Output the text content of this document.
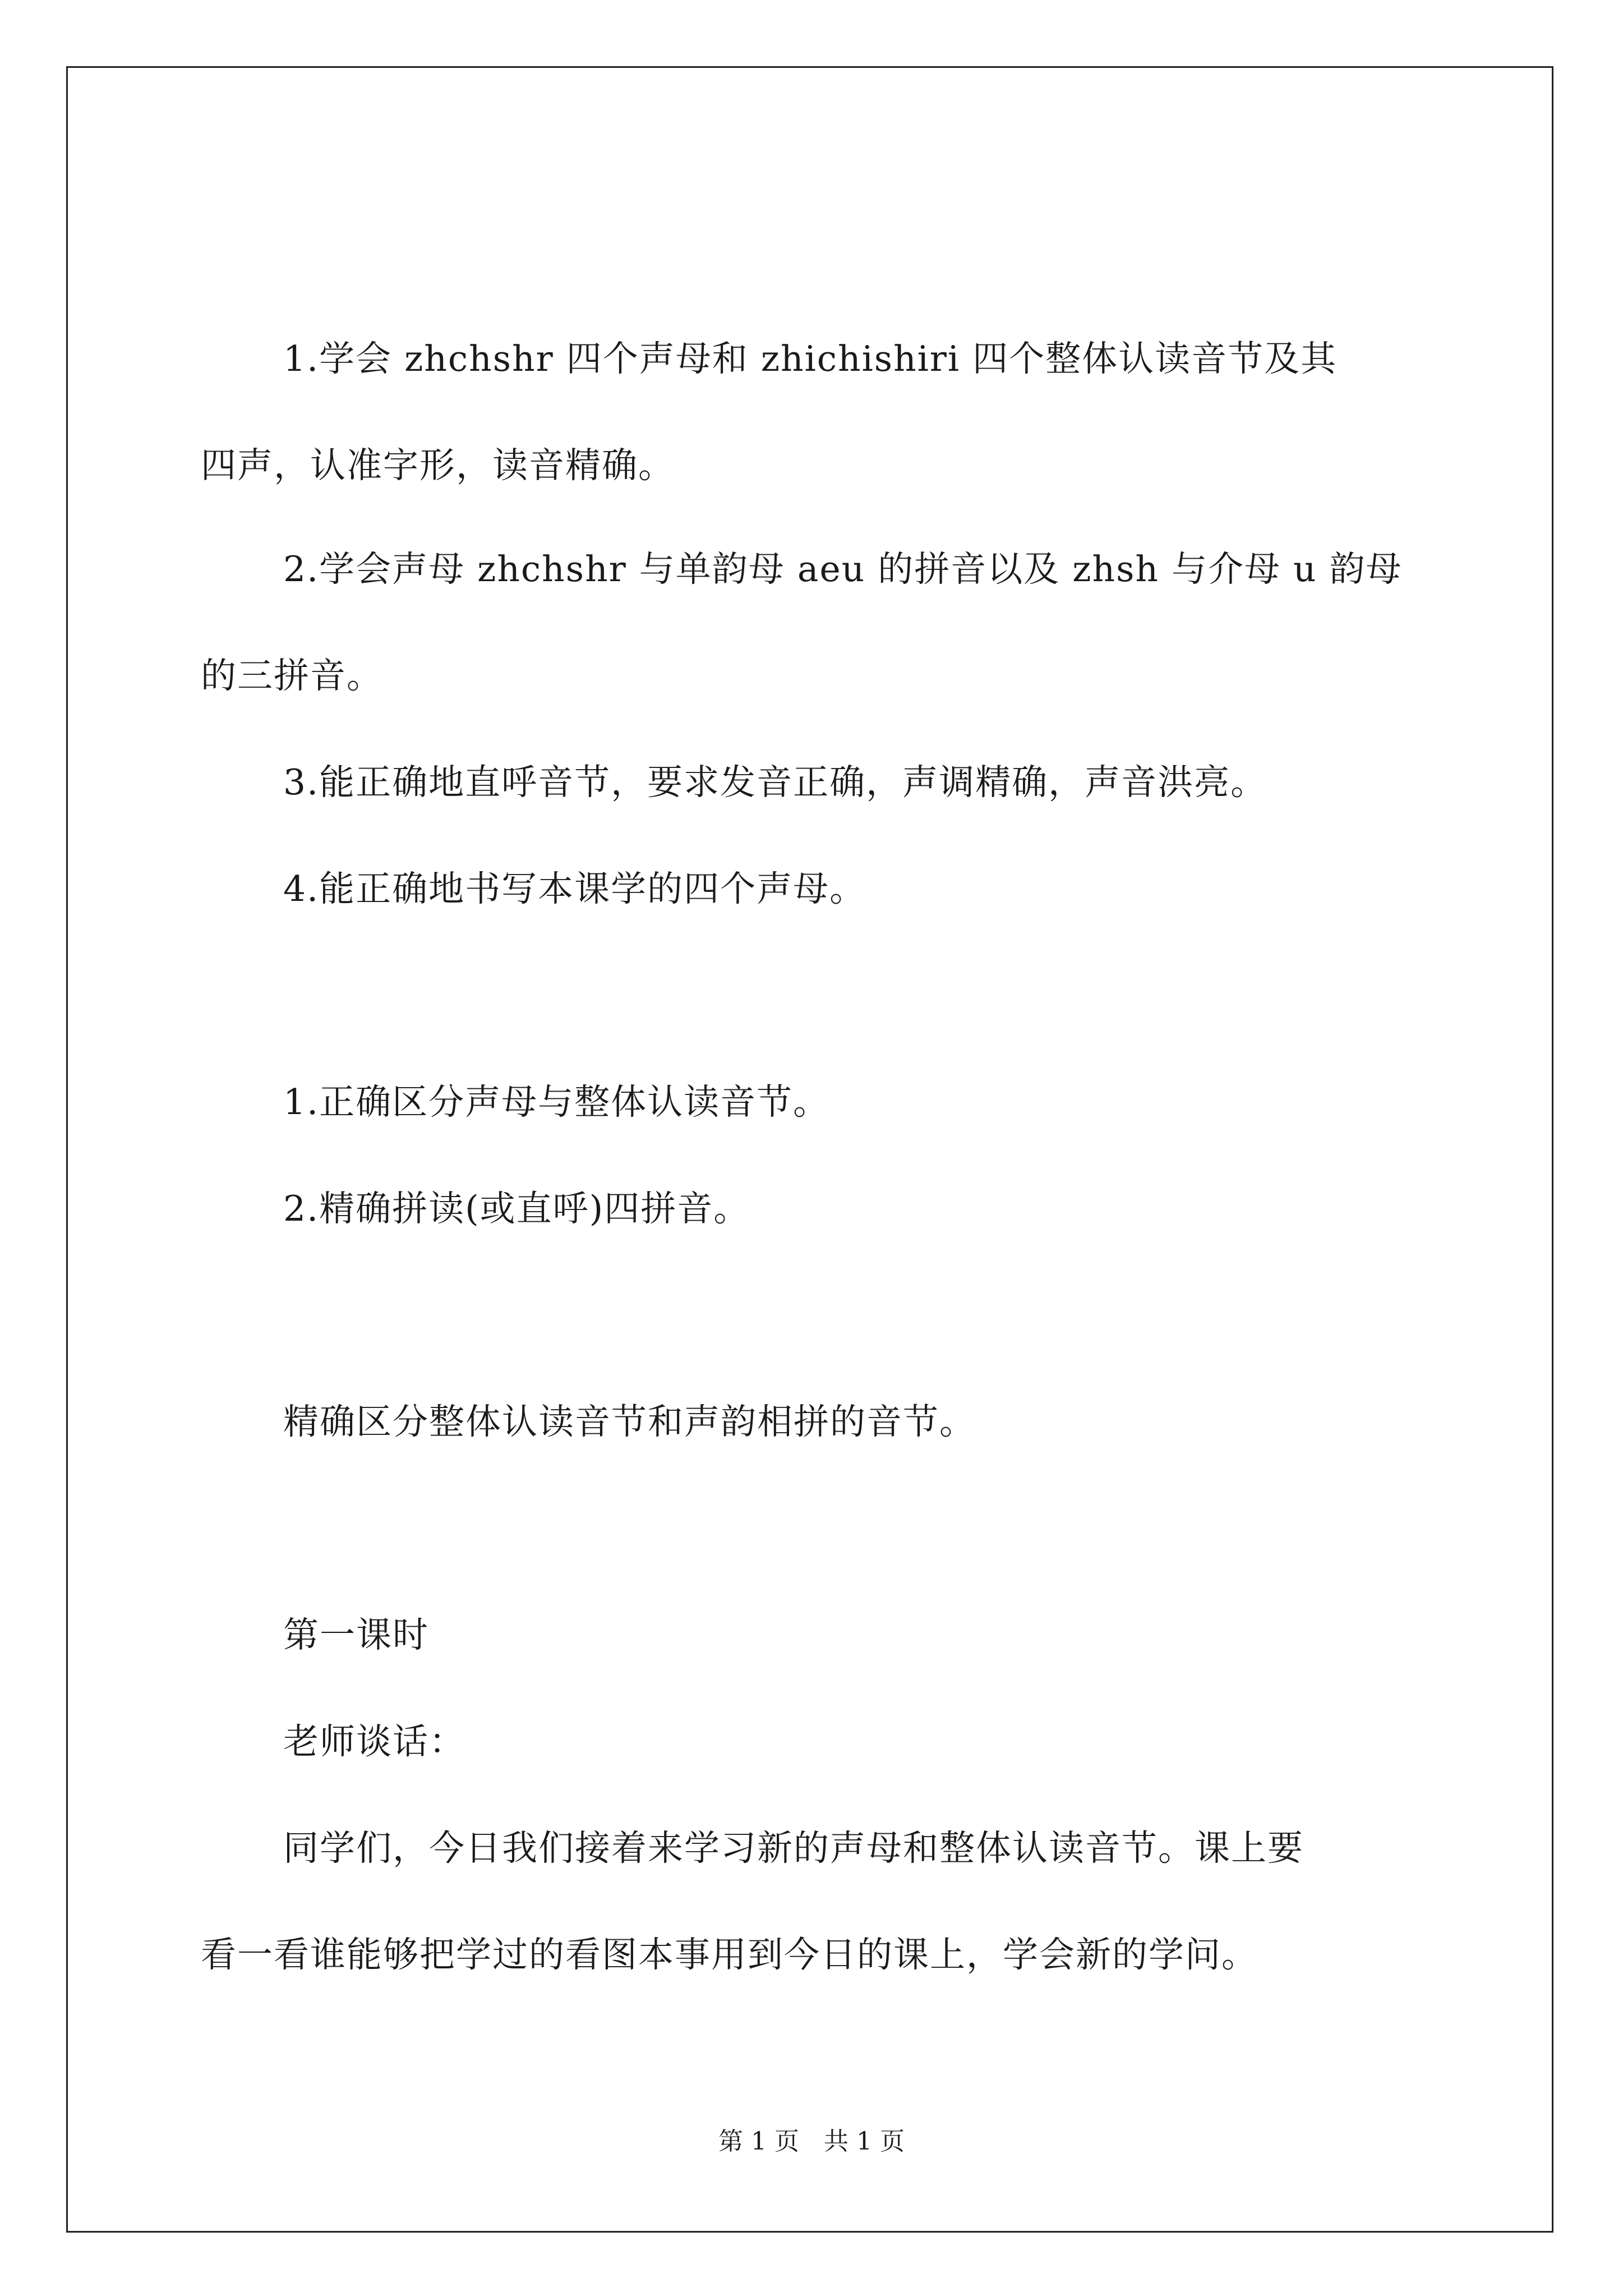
1.学会 zhchshr 四个声母和 zhichishiri 四个整体认读音节及其
四声，认准字形，读音精确。
2.学会声母 zhchshr 与单韵母 aeu 的拼音以及 zhsh 与介母 u 韵母
的三拼音。
3.能正确地直呼音节，要求发音正确，声调精确，声音洪亮。
4.能正确地书写本课学的四个声母。
1.正确区分声母与整体认读音节。
2.精确拼读(或直呼)四拼音。
精确区分整体认读音节和声韵相拼的音节。
第一课时
老师谈话：
同学们，今日我们接着来学习新的声母和整体认读音节。课上要
看一看谁能够把学过的看图本事用到今日的课上，学会新的学问。
第 1 页　共 1 页
